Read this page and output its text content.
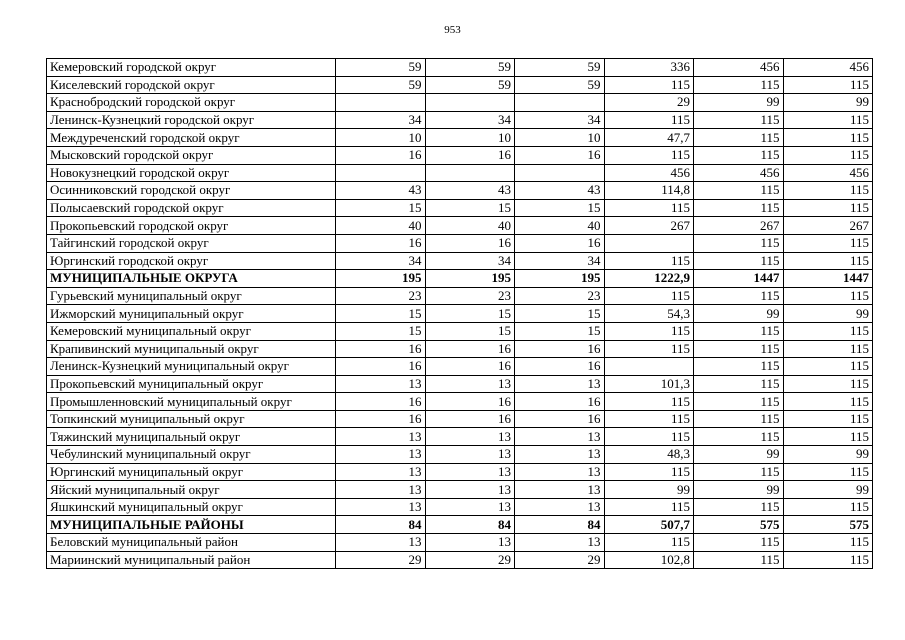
953
Кемеровский городской округ	59	59	59	336	456	456
Киселевский городской округ	59	59	59	115	115	115
Краснобродский городской округ				29	99	99
Ленинск-Кузнецкий городской округ	34	34	34	115	115	115
Междуреченский городской округ	10	10	10	47,7	115	115
Мысковский городской округ	16	16	16	115	115	115
Новокузнецкий городской округ				456	456	456
Осинниковский городской округ	43	43	43	114,8	115	115
Полысаевский городской округ	15	15	15	115	115	115
Прокопьевский городской округ	40	40	40	267	267	267
Тайгинский городской округ	16	16	16		115	115
Юргинский городской округ	34	34	34	115	115	115
МУНИЦИПАЛЬНЫЕ ОКРУГА	195	195	195	1222,9	1447	1447
Гурьевский муниципальный округ	23	23	23	115	115	115
Ижморский муниципальный округ	15	15	15	54,3	99	99
Кемеровский муниципальный округ	15	15	15	115	115	115
Крапивинский муниципальный округ	16	16	16	115	115	115
Ленинск-Кузнецкий муниципальный округ	16	16	16		115	115
Прокопьевский муниципальный округ	13	13	13	101,3	115	115
Промышленновский муниципальный округ	16	16	16	115	115	115
Топкинский муниципальный округ	16	16	16	115	115	115
Тяжинский муниципальный округ	13	13	13	115	115	115
Чебулинский муниципальный округ	13	13	13	48,3	99	99
Юргинский муниципальный округ	13	13	13	115	115	115
Яйский муниципальный округ	13	13	13	99	99	99
Яшкинский муниципальный округ	13	13	13	115	115	115
МУНИЦИПАЛЬНЫЕ РАЙОНЫ	84	84	84	507,7	575	575
Беловский муниципальный район	13	13	13	115	115	115
Мариинский муниципальный район	29	29	29	102,8	115	115
